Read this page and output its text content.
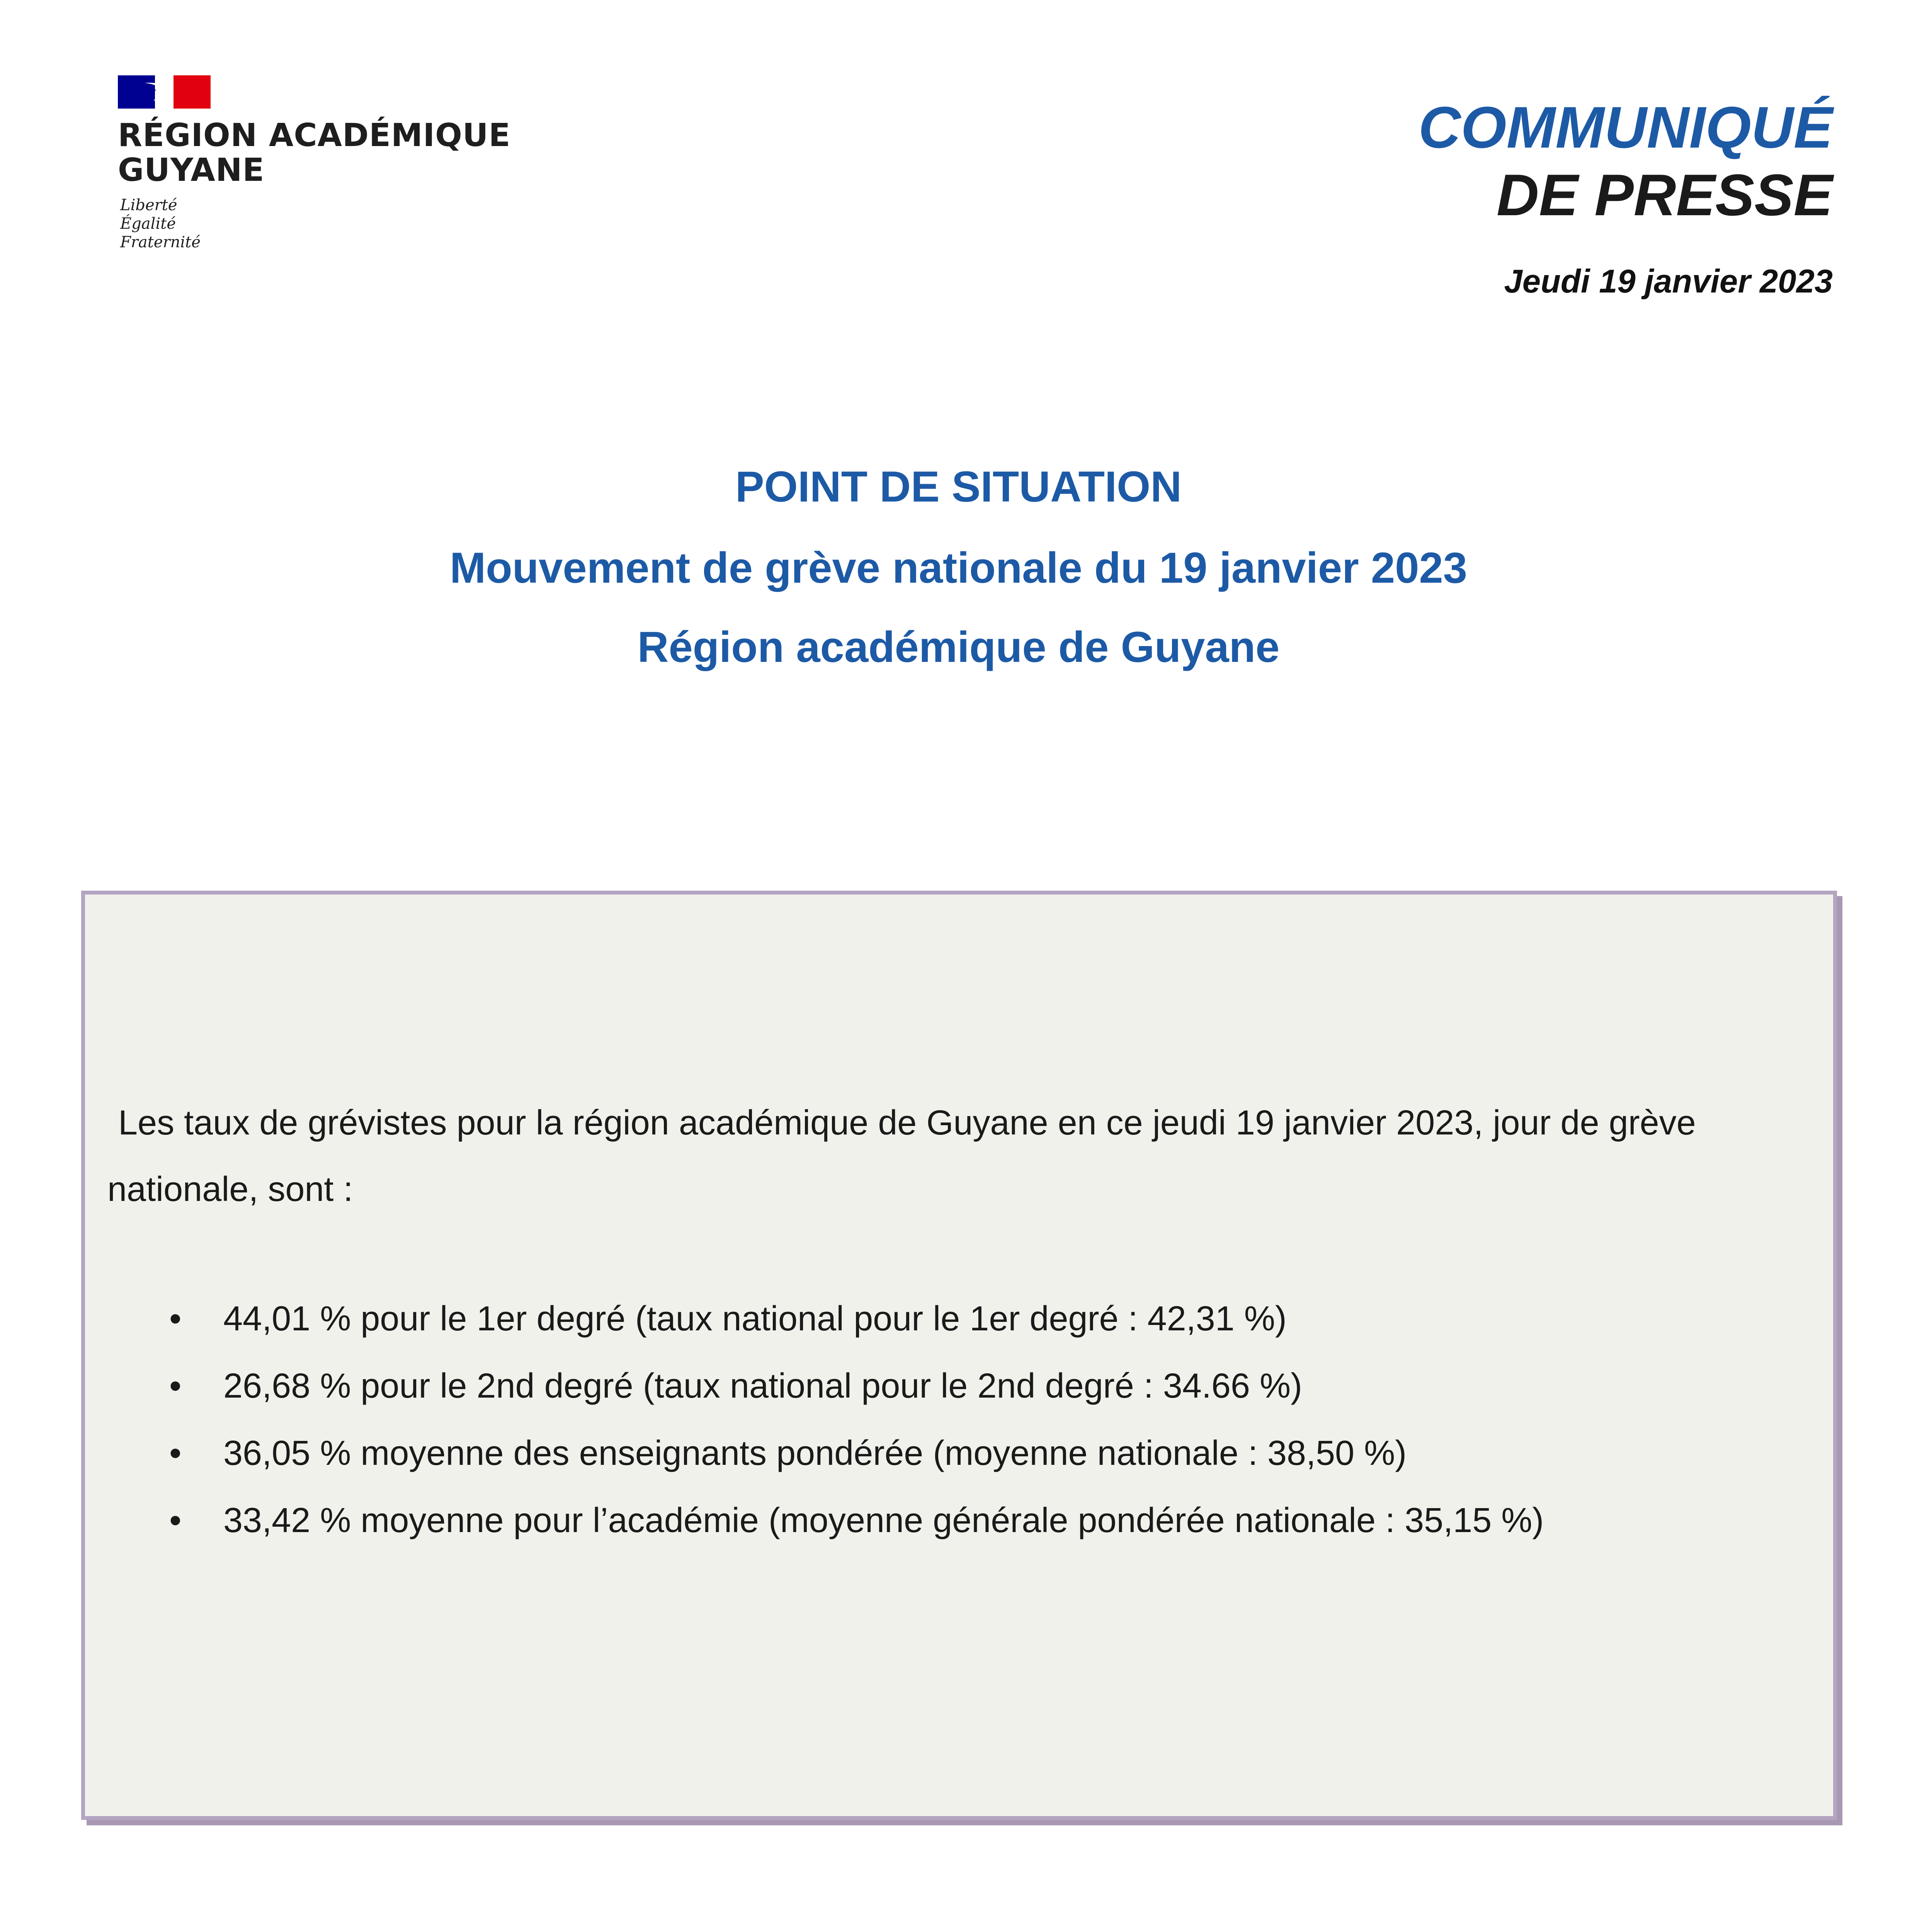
RÉGION ACADÉMIQUE
GUYANE
Liberté
Égalité
Fraternité
COMMUNIQUÉ
DE PRESSE
Jeudi 19 janvier 2023
POINT DE SITUATION
Mouvement de grève nationale du 19 janvier 2023
Région académique de Guyane
Les taux de grévistes pour la région académique de Guyane en ce jeudi 19 janvier 2023, jour de grève nationale, sont :
• 44,01 % pour le 1er degré (taux national pour le 1er degré : 42,31 %)
• 26,68 % pour le 2nd degré (taux national pour le 2nd degré : 34.66 %)
• 36,05 % moyenne des enseignants pondérée (moyenne nationale : 38,50 %)
• 33,42 % moyenne pour l’académie (moyenne générale pondérée nationale : 35,15 %)
